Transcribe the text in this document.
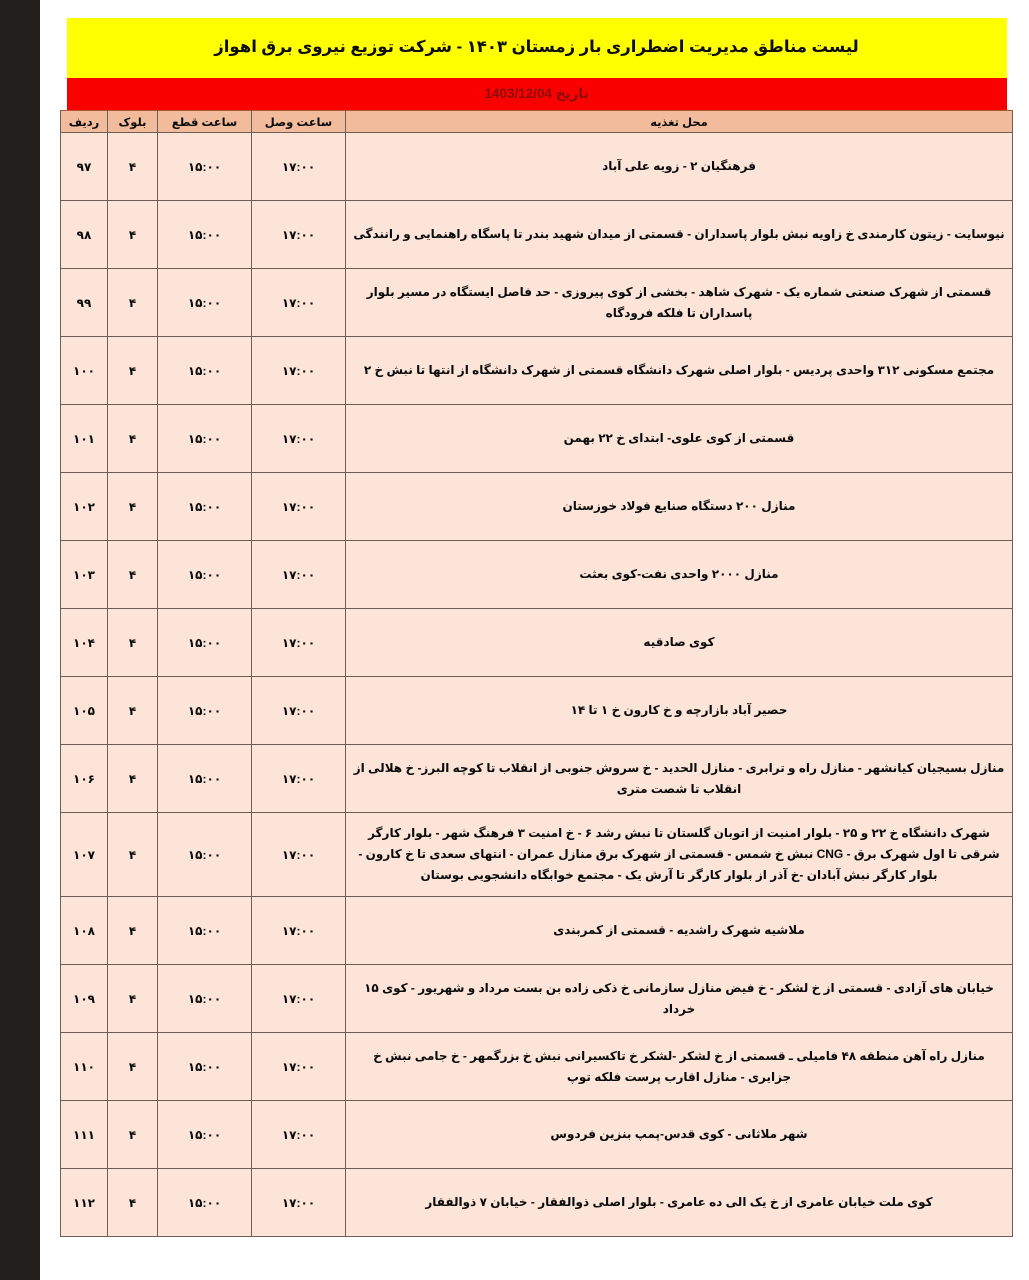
لیست مناطق مدیریت اضطراری بار زمستان ۱۴۰۳ - شرکت توزیع نیروی برق اهواز
تاریخ 1403/12/04
محل تغذیه	ساعت وصل	ساعت قطع	بلوک	ردیف
فرهنگیان ۲ - زویه علی آباد	۱۷:۰۰	۱۵:۰۰	۴	۹۷
نیوسایت - زیتون کارمندی خ زاویه نبش بلوار پاسداران - قسمتی از میدان شهید بندر تا پاسگاه راهنمایی و رانندگی	۱۷:۰۰	۱۵:۰۰	۴	۹۸
قسمتی از شهرک صنعتی شماره یک - شهرک شاهد - بخشی از کوی پیروزی - حد فاصل ایستگاه در مسیر بلوار پاسداران تا فلکه فرودگاه	۱۷:۰۰	۱۵:۰۰	۴	۹۹
مجتمع مسکونی ۳۱۲ واحدی پردیس - بلوار اصلی شهرک دانشگاه قسمتی از شهرک دانشگاه از انتها تا نبش خ ۲	۱۷:۰۰	۱۵:۰۰	۴	۱۰۰
قسمتی از کوی علوی- ابتدای خ ۲۲ بهمن	۱۷:۰۰	۱۵:۰۰	۴	۱۰۱
منازل ۲۰۰ دستگاه صنایع فولاد خوزستان	۱۷:۰۰	۱۵:۰۰	۴	۱۰۲
منازل ۲۰۰۰ واحدی نفت-کوی بعثت	۱۷:۰۰	۱۵:۰۰	۴	۱۰۳
کوی صادقیه	۱۷:۰۰	۱۵:۰۰	۴	۱۰۴
حصیر آباد بازارچه و خ کارون خ ۱ تا ۱۴	۱۷:۰۰	۱۵:۰۰	۴	۱۰۵
منازل بسیجیان کیانشهر - منازل راه و ترابری - منازل الحدید - خ سروش جنوبی از انقلاب تا کوچه البرز- خ هلالی از انقلاب تا شصت متری	۱۷:۰۰	۱۵:۰۰	۴	۱۰۶
شهرک دانشگاه خ ۲۲ و ۲۵ - بلوار امنیت از اتوبان گلستان تا نبش رشد ۶ - خ امنیت ۳ فرهنگ شهر - بلوار کارگر شرقی تا اول شهرک برق - CNG نبش خ شمس - قسمتی از شهرک برق منازل عمران - انتهای سعدی تا خ کارون - بلوار کارگر نبش آبادان -خ آذر از بلوار کارگر تا آرش یک - مجتمع خوابگاه دانشجویی بوستان	۱۷:۰۰	۱۵:۰۰	۴	۱۰۷
ملاشیه شهرک راشدیه - قسمتی از کمربندی	۱۷:۰۰	۱۵:۰۰	۴	۱۰۸
خیابان های آزادی - قسمتی از خ لشکر - خ فیض منازل سازمانی خ ذکی زاده بن بست مرداد و شهریور - کوی ۱۵ خرداد	۱۷:۰۰	۱۵:۰۰	۴	۱۰۹
منازل راه آهن منطقه ۴۸ فامیلی ـ قسمتی از خ لشکر -لشکر خ تاکسیرانی نبش خ بزرگمهر - خ جامی نبش خ جزایری - منازل اقارب پرست فلکه توپ	۱۷:۰۰	۱۵:۰۰	۴	۱۱۰
شهر ملاثانی - کوی قدس-پمپ بنزین فردوس	۱۷:۰۰	۱۵:۰۰	۴	۱۱۱
کوی ملت خیابان عامری از خ یک الی ده عامری - بلوار اصلی ذوالفقار - خیابان ۷ ذوالفقار	۱۷:۰۰	۱۵:۰۰	۴	۱۱۲
